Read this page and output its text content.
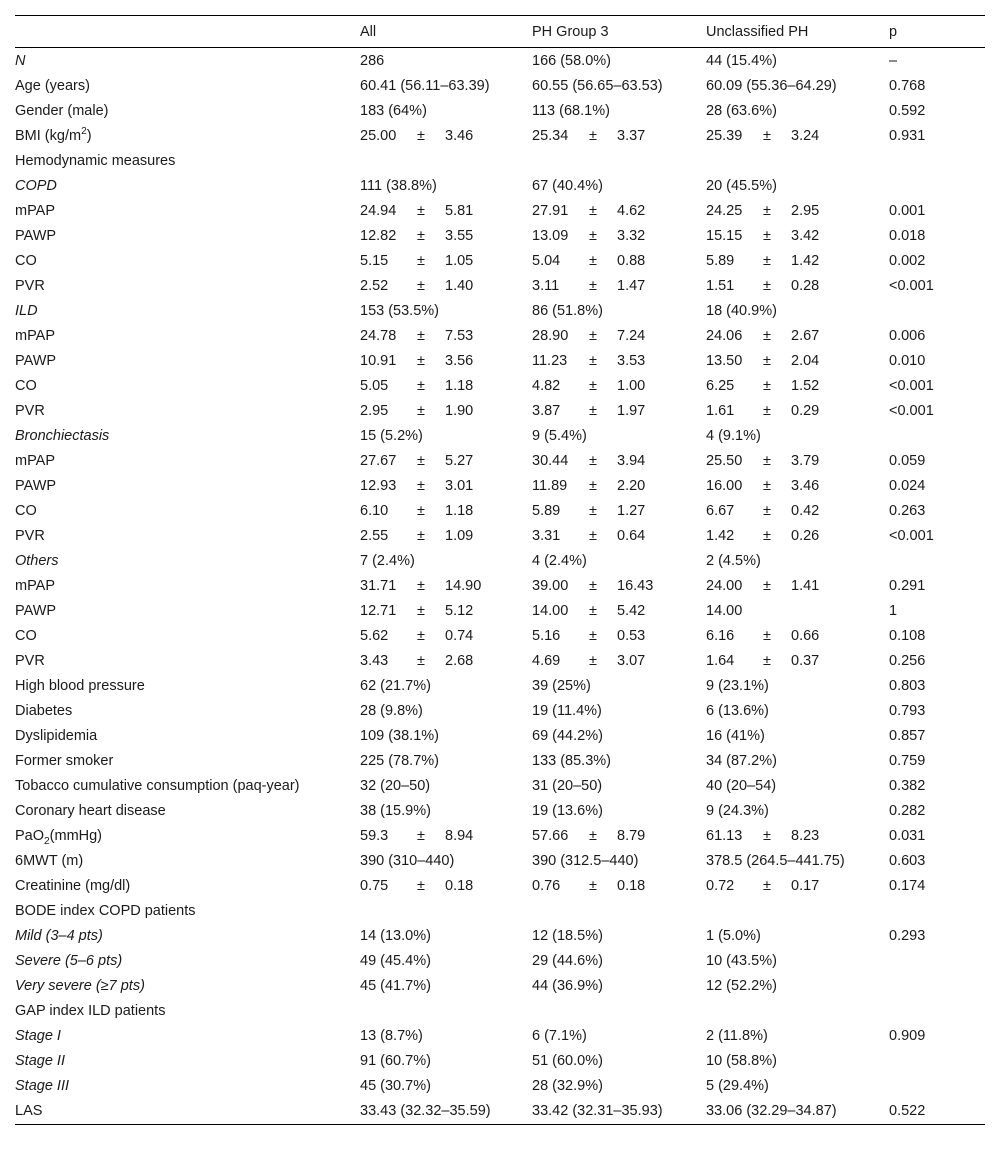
	All	PH Group 3	Unclassified PH	p
N	286	166 (58.0%)	44 (15.4%)	–
Age (years)	60.41 (56.11–63.39)	60.55 (56.65–63.53)	60.09 (55.36–64.29)	0.768
Gender (male)	183 (64%)	113 (68.1%)	28 (63.6%)	0.592
BMI $(kg/m^2)$	25.00 ± 3.46	25.34 ± 3.37	25.39 ± 3.24	0.931
Hemodynamic measures				
COPD	111 (38.8%)	67 (40.4%)	20 (45.5%)	
mPAP	24.94 ± 5.81	27.91 ± 4.62	24.25 ± 2.95	0.001
PAWP	12.82 ± 3.55	13.09 ± 3.32	15.15 ± 3.42	0.018
CO	5.15 ± 1.05	5.04 ± 0.88	5.89 ± 1.42	0.002
PVR	2.52 ± 1.40	3.11 ± 1.47	1.51 ± 0.28	<0.001
ILD	153 (53.5%)	86 (51.8%)	18 (40.9%)	
mPAP	24.78 ± 7.53	28.90 ± 7.24	24.06 ± 2.67	0.006
PAWP	10.91 ± 3.56	11.23 ± 3.53	13.50 ± 2.04	0.010
CO	5.05 ± 1.18	4.82 ± 1.00	6.25 ± 1.52	<0.001
PVR	2.95 ± 1.90	3.87 ± 1.97	1.61 ± 0.29	<0.001
Bronchiectasis	15 (5.2%)	9 (5.4%)	4 (9.1%)	
mPAP	27.67 ± 5.27	30.44 ± 3.94	25.50 ± 3.79	0.059
PAWP	12.93 ± 3.01	11.89 ± 2.20	16.00 ± 3.46	0.024
CO	6.10 ± 1.18	5.89 ± 1.27	6.67 ± 0.42	0.263
PVR	2.55 ± 1.09	3.31 ± 0.64	1.42 ± 0.26	<0.001
Others	7 (2.4%)	4 (2.4%)	2 (4.5%)	
mPAP	31.71 ± 14.90	39.00 ± 16.43	24.00 ± 1.41	0.291
PAWP	12.71 ± 5.12	14.00 ± 5.42	14.00	1
CO	5.62 ± 0.74	5.16 ± 0.53	6.16 ± 0.66	0.108
PVR	3.43 ± 2.68	4.69 ± 3.07	1.64 ± 0.37	0.256
High blood pressure	62 (21.7%)	39 (25%)	9 (23.1%)	0.803
Diabetes	28 (9.8%)	19 (11.4%)	6 (13.6%)	0.793
Dyslipidemia	109 (38.1%)	69 (44.2%)	16 (41%)	0.857
Former smoker	225 (78.7%)	133 (85.3%)	34 (87.2%)	0.759
Tobacco cumulative consumption (paq-year)	32 (20–50)	31 (20–50)	40 (20–54)	0.382
Coronary heart disease	38 (15.9%)	19 (13.6%)	9 (24.3%)	0.282
PaO$_2$(mmHg)	59.3 ± 8.94	57.66 ± 8.79	61.13 ± 8.23	0.031
6MWT (m)	390 (310–440)	390 (312.5–440)	378.5 (264.5–441.75)	0.603
Creatinine (mg/dl)	0.75 ± 0.18	0.76 ± 0.18	0.72 ± 0.17	0.174
BODE index COPD patients				
Mild (3–4 pts)	14 (13.0%)	12 (18.5%)	1 (5.0%)	0.293
Severe (5–6 pts)	49 (45.4%)	29 (44.6%)	10 (43.5%)	
Very severe (≥7 pts)	45 (41.7%)	44 (36.9%)	12 (52.2%)	
GAP index ILD patients				
Stage I	13 (8.7%)	6 (7.1%)	2 (11.8%)	0.909
Stage II	91 (60.7%)	51 (60.0%)	10 (58.8%)	
Stage III	45 (30.7%)	28 (32.9%)	5 (29.4%)	
LAS	33.43 (32.32–35.59)	33.42 (32.31–35.93)	33.06 (32.29–34.87)	0.522
